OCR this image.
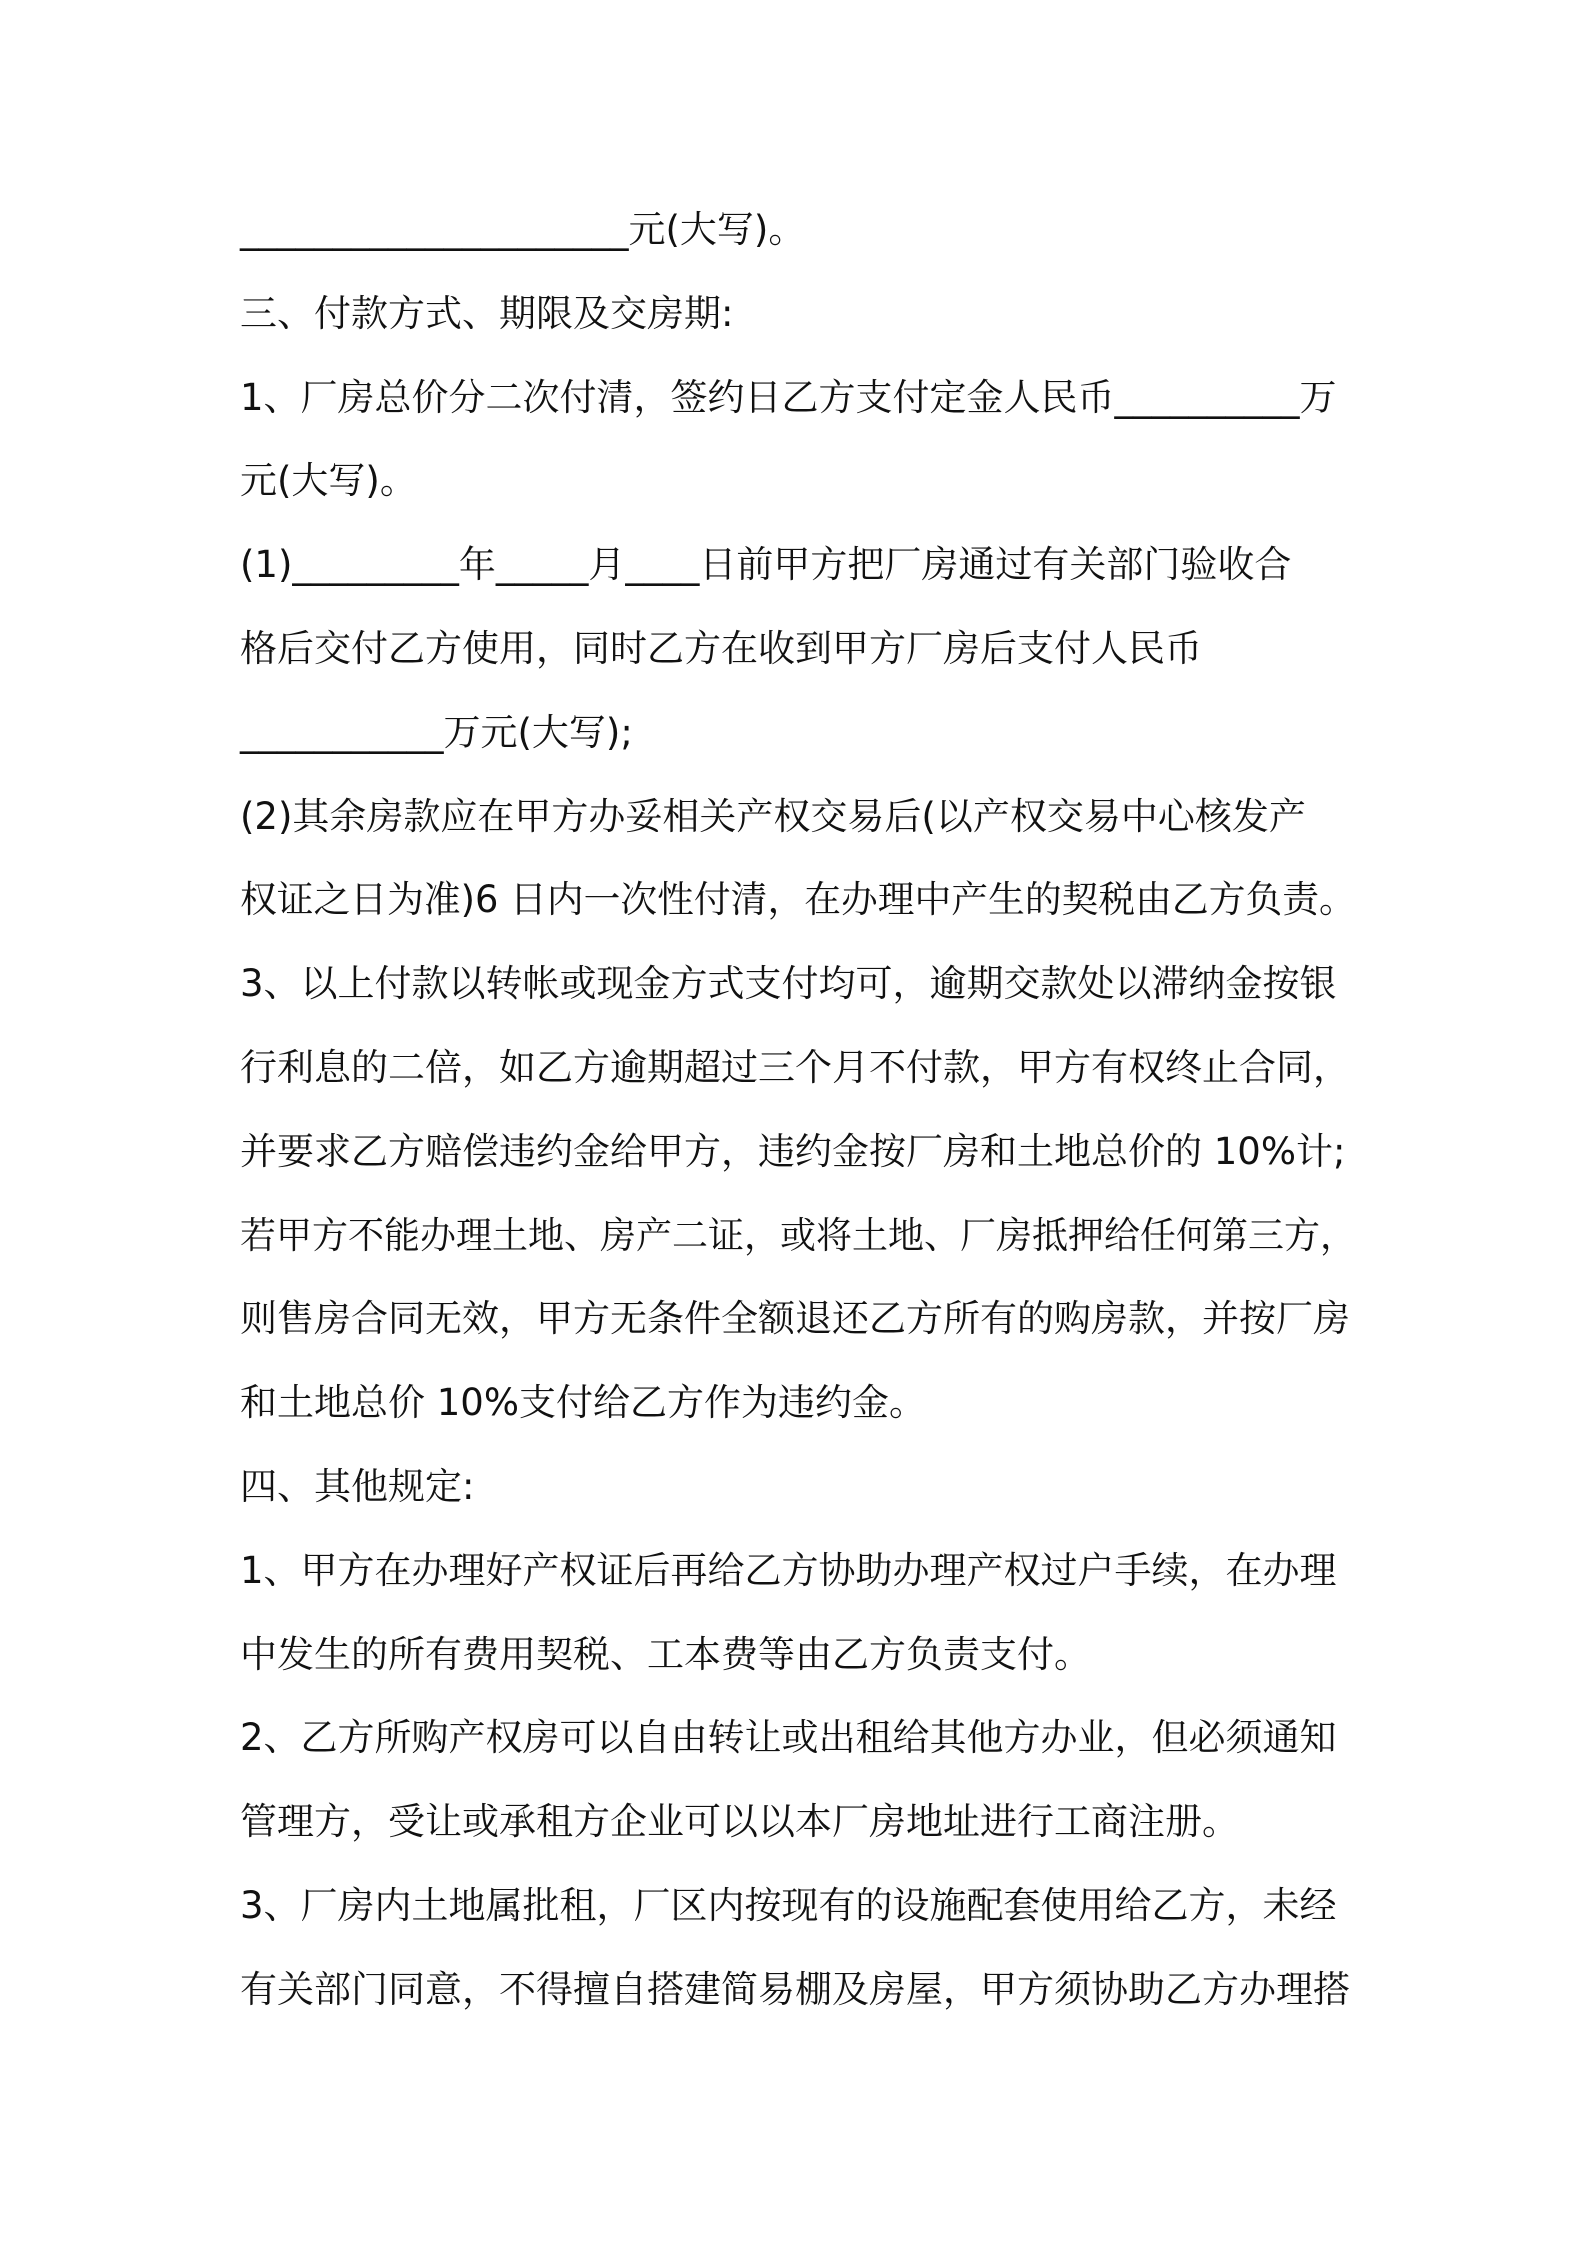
_____________________元(大写)。

三、付款方式、期限及交房期:

1、厂房总价分二次付清，签约日乙方支付定金人民币__________万

元(大写)。

(1)_________年_____月____日前甲方把厂房通过有关部门验收合

格后交付乙方使用，同时乙方在收到甲方厂房后支付人民币

___________万元(大写);

(2)其余房款应在甲方办妥相关产权交易后(以产权交易中心核发产

权证之日为准)6 日内一次性付清，在办理中产生的契税由乙方负责。

3、以上付款以转帐或现金方式支付均可，逾期交款处以滞纳金按银

行利息的二倍，如乙方逾期超过三个月不付款，甲方有权终止合同，

并要求乙方赔偿违约金给甲方，违约金按厂房和土地总价的 10%计;

若甲方不能办理土地、房产二证，或将土地、厂房抵押给任何第三方，

则售房合同无效，甲方无条件全额退还乙方所有的购房款，并按厂房

和土地总价 10%支付给乙方作为违约金。

四、其他规定:

1、甲方在办理好产权证后再给乙方协助办理产权过户手续，在办理

中发生的所有费用契税、工本费等由乙方负责支付。

2、乙方所购产权房可以自由转让或出租给其他方办业，但必须通知

管理方，受让或承租方企业可以以本厂房地址进行工商注册。

3、厂房内土地属批租，厂区内按现有的设施配套使用给乙方，未经

有关部门同意，不得擅自搭建简易棚及房屋，甲方须协助乙方办理搭
